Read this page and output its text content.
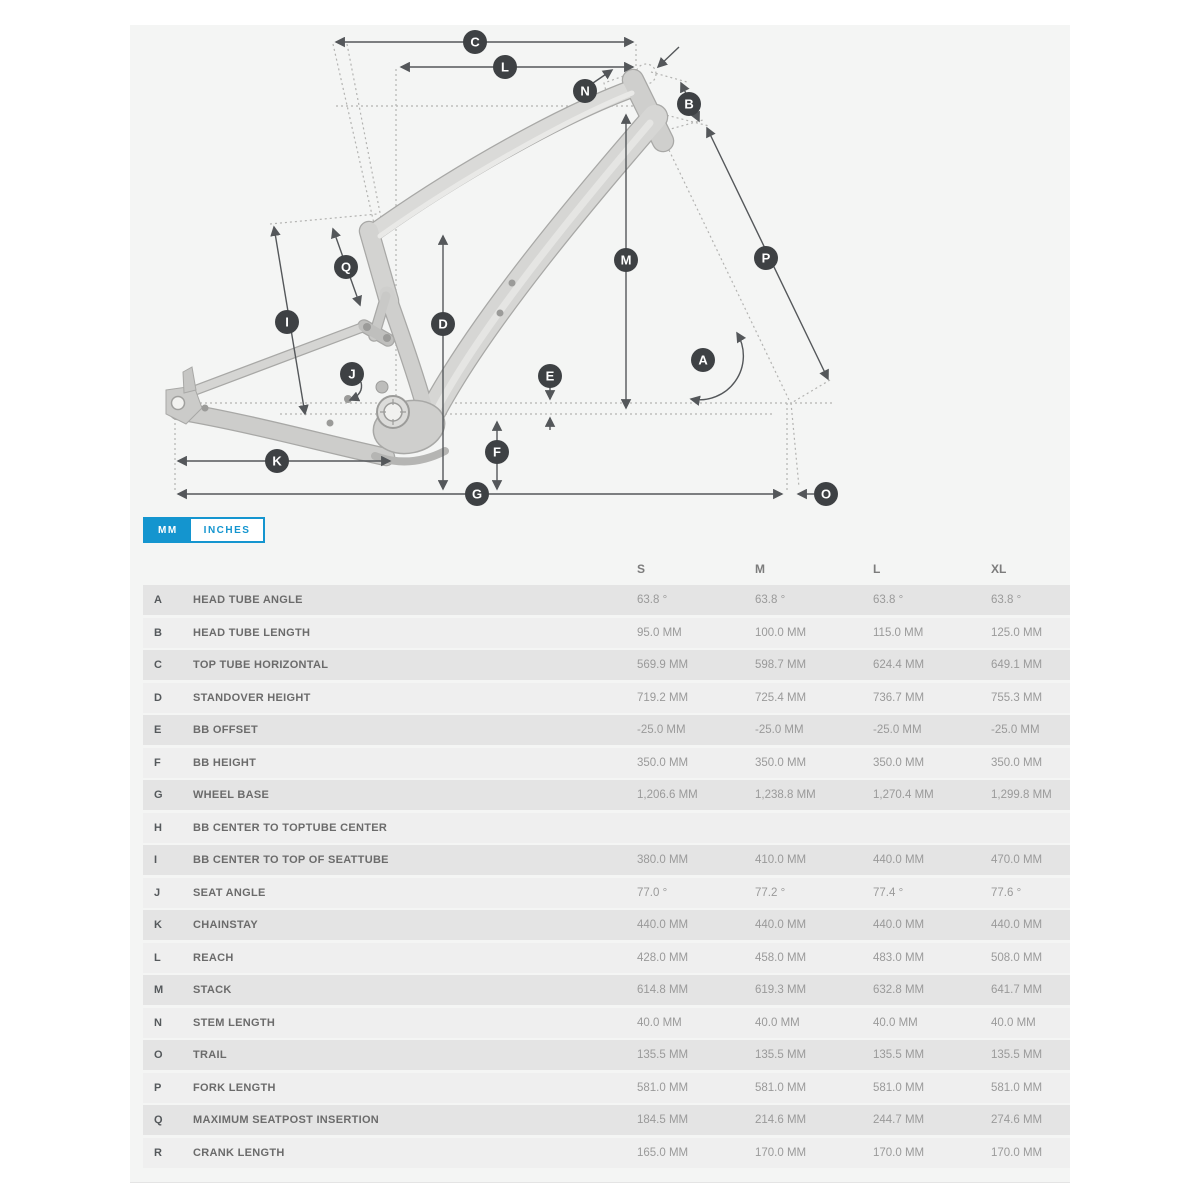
C
L
N
B
M	P
Q
I	D
J	E
A
F
K
G	O
MM	INCHES
S	M	L	XL
A	HEAD TUBE ANGLE	63.8 °	63.8 °	63.8 °	63.8 °
B	HEAD TUBE LENGTH	95.0 MM	100.0 MM	115.0 MM	125.0 MM
C	TOP TUBE HORIZONTAL	569.9 MM	598.7 MM	624.4 MM	649.1 MM
D	STANDOVER HEIGHT	719.2 MM	725.4 MM	736.7 MM	755.3 MM
E	BB OFFSET	-25.0 MM	-25.0 MM	-25.0 MM	-25.0 MM
F	BB HEIGHT	350.0 MM	350.0 MM	350.0 MM	350.0 MM
G	WHEEL BASE	1,206.6 MM	1,238.8 MM	1,270.4 MM	1,299.8 MM
H	BB CENTER TO TOPTUBE CENTER
I	BB CENTER TO TOP OF SEATTUBE	380.0 MM	410.0 MM	440.0 MM	470.0 MM
J	SEAT ANGLE	77.0 °	77.2 °	77.4 °	77.6 °
K	CHAINSTAY	440.0 MM	440.0 MM	440.0 MM	440.0 MM
L	REACH	428.0 MM	458.0 MM	483.0 MM	508.0 MM
M	STACK	614.8 MM	619.3 MM	632.8 MM	641.7 MM
N	STEM LENGTH	40.0 MM	40.0 MM	40.0 MM	40.0 MM
O	TRAIL	135.5 MM	135.5 MM	135.5 MM	135.5 MM
P	FORK LENGTH	581.0 MM	581.0 MM	581.0 MM	581.0 MM
Q	MAXIMUM SEATPOST INSERTION	184.5 MM	214.6 MM	244.7 MM	274.6 MM
R	CRANK LENGTH	165.0 MM	170.0 MM	170.0 MM	170.0 MM
